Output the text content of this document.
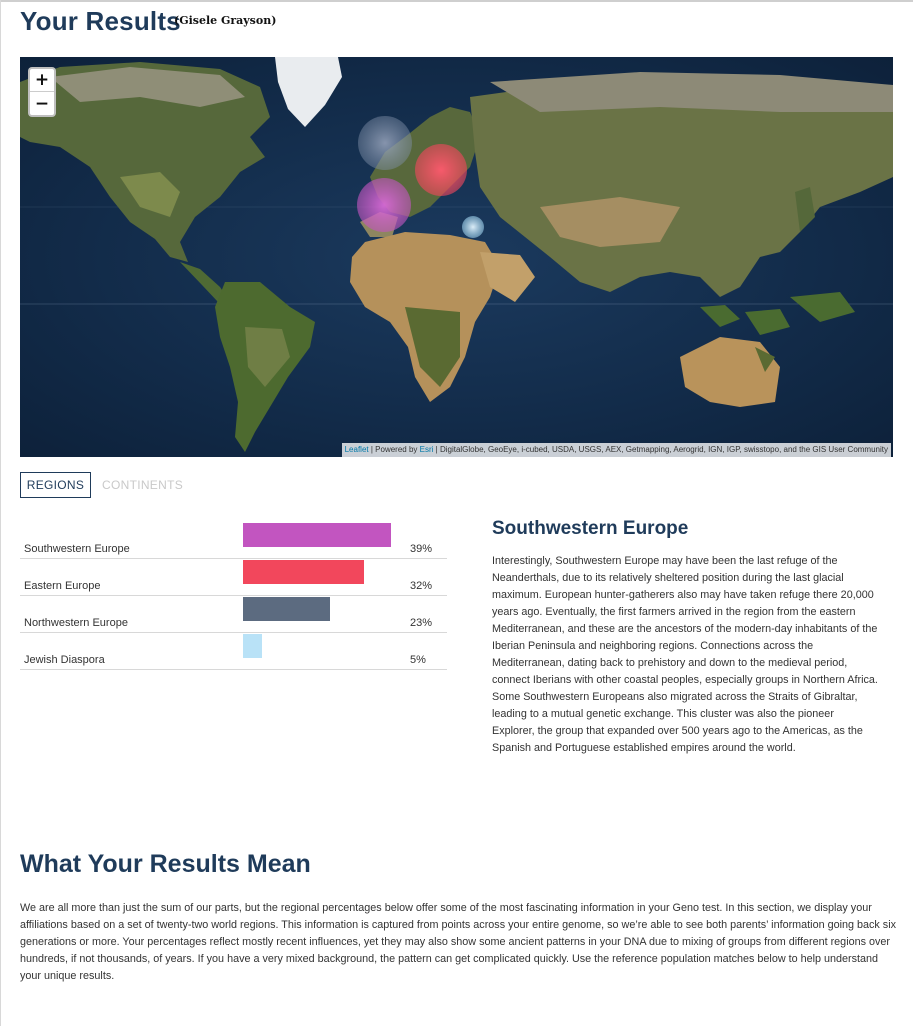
Your Results
(Gisele Grayson)
+
−
Leaflet | Powered by Esri | DigitalGlobe, GeoEye, i-cubed, USDA, USGS, AEX, Getmapping, Aerogrid, IGN, IGP, swisstopo, and the GIS User Community
REGIONS	CONTINENTS
Southwestern Europe	39%
Eastern Europe	32%
Northwestern Europe	23%
Jewish Diaspora	5%
Southwestern Europe

Interestingly, Southwestern Europe may have been the last refuge of the Neanderthals, due to its relatively sheltered position during the last glacial maximum. European hunter-gatherers also may have taken refuge there 20,000 years ago. Eventually, the first farmers arrived in the region from the eastern Mediterranean, and these are the ancestors of the modern-day inhabitants of the Iberian Peninsula and neighboring regions. Connections across the Mediterranean, dating back to prehistory and down to the medieval period, connect Iberians with other coastal peoples, especially groups in Northern Africa. Some Southwestern Europeans also migrated across the Straits of Gibraltar, leading to a mutual genetic exchange. This cluster was also the pioneer Explorer, the group that expanded over 500 years ago to the Americas, as the Spanish and Portuguese established empires around the world.

What Your Results Mean

We are all more than just the sum of our parts, but the regional percentages below offer some of the most fascinating information in your Geno test. In this section, we display your affiliations based on a set of twenty-two world regions. This information is captured from points across your entire genome, so we’re able to see both parents’ information going back six generations or more. Your percentages reflect mostly recent influences, yet they may also show some ancient patterns in your DNA due to mixing of groups from different regions over hundreds, if not thousands, of years. If you have a very mixed background, the pattern can get complicated quickly. Use the reference population matches below to help understand your unique results.
